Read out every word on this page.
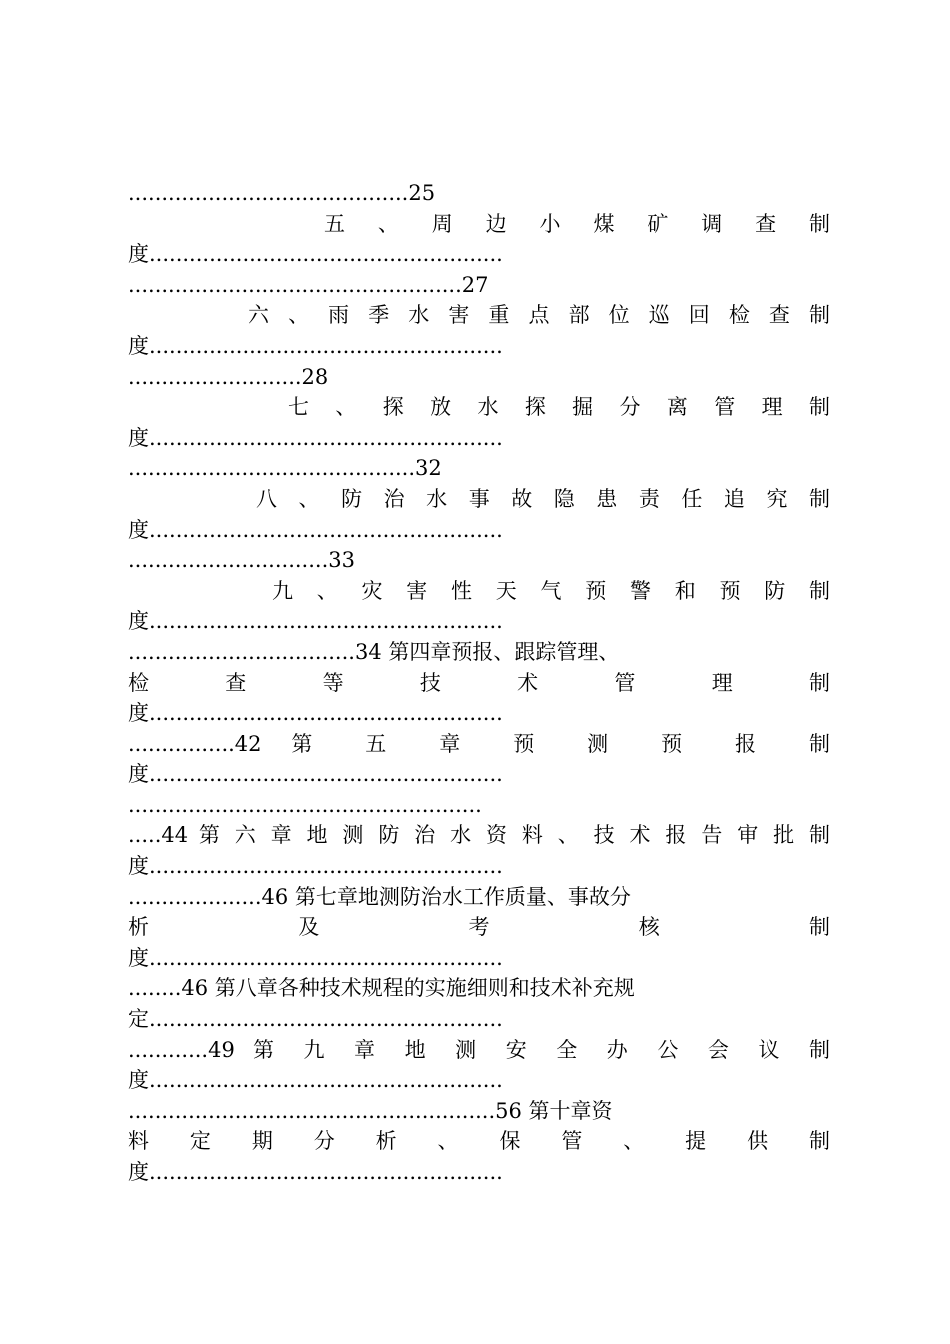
..........................................25
五 、 周 边 小 煤 矿 调 查 制
度.....................................................
..................................................27
六 、 雨 季 水 害 重 点 部 位 巡 回 检 查 制
度.....................................................
..........................28
七 、 探 放 水 探 掘 分 离 管 理 制
度.....................................................
...........................................32
八 、 防 治 水 事 故 隐 患 责 任 追 究 制
度.....................................................
..............................33
九 、 灾 害 性 天 气 预 警 和 预 防 制
度.....................................................
..................................34 第四章预报、跟踪管理、
检 查 等 技 术 管 理 制
度.....................................................
................42 第 五 章 预 测 预 报 制
度.....................................................
.....................................................
.....44 第 六 章 地 测 防 治 水 资 料 、 技 术 报 告 审 批 制
度.....................................................
....................46 第七章地测防治水工作质量、事故分
析 及 考 核 制
度.....................................................
........46 第八章各种技术规程的实施细则和技术补充规
定.....................................................
............49 第 九 章 地 测 安 全 办 公 会 议 制
度.....................................................
.......................................................56 第十章资
料 定 期 分 析 、 保 管 、 提 供 制
度.....................................................
